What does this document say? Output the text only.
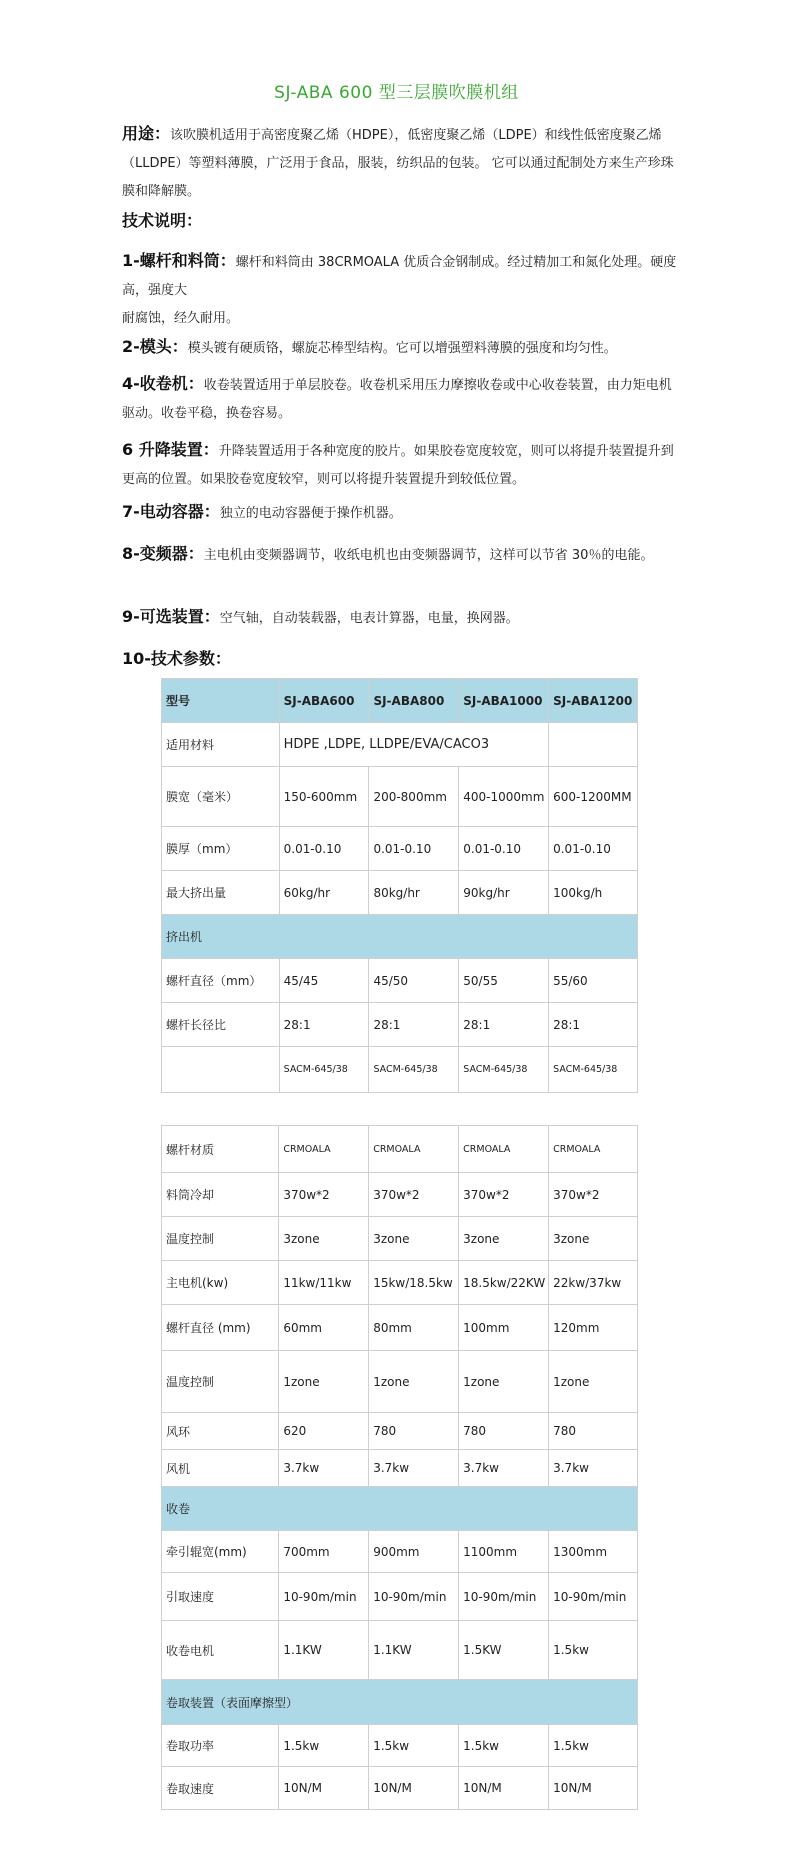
SJ-ABA 600 型三层膜吹膜机组
用途：该吹膜机适用于高密度聚乙烯（HDPE），低密度聚乙烯（LDPE）和线性低密度聚乙烯（LLDPE）等塑料薄膜，广泛用于食品，服装，纺织品的包装。 它可以通过配制处方来生产珍珠膜和降解膜。
技术说明：
1-螺杆和料筒：螺杆和料筒由 38CRMOALA 优质合金钢制成。经过精加工和氮化处理。硬度高，强度大
耐腐蚀，经久耐用。
2-模头：模头镀有硬质铬，螺旋芯棒型结构。它可以增强塑料薄膜的强度和均匀性。
4-收卷机：收卷装置适用于单层胶卷。收卷机采用压力摩擦收卷或中心收卷装置，由力矩电机驱动。收卷平稳，换卷容易。
6 升降装置：升降装置适用于各种宽度的胶片。如果胶卷宽度较宽，则可以将提升装置提升到更高的位置。如果胶卷宽度较窄，则可以将提升装置提升到较低位置。
7-电动容器：独立的电动容器便于操作机器。
8-变频器：主电机由变频器调节，收纸电机也由变频器调节，这样可以节省 30％的电能。
9-可选装置：空气轴，自动装载器，电表计算器，电量，换网器。
10-技术参数：
型号	SJ-ABA600	SJ-ABA800	SJ-ABA1000	SJ-ABA1200
适用材料	HDPE ,LDPE, LLDPE/EVA/CACO3			
膜宽（毫米）	150-600mm	200-800mm	400-1000mm	600-1200MM
膜厚（mm）	0.01-0.10	0.01-0.10	0.01-0.10	0.01-0.10
最大挤出量	60kg/hr	80kg/hr	90kg/hr	100kg/h
挤出机				
螺杆直径（mm）	45/45	45/50	50/55	55/60
螺杆长径比	28:1	28:1	28:1	28:1
	SACM-645/38	SACM-645/38	SACM-645/38	SACM-645/38
螺杆材质	CRMOALA	CRMOALA	CRMOALA	CRMOALA
料筒冷却	370w*2	370w*2	370w*2	370w*2
温度控制	3zone	3zone	3zone	3zone
主电机(kw)	11kw/11kw	15kw/18.5kw	18.5kw/22KW	22kw/37kw
螺杆直径 (mm)	60mm	80mm	100mm	120mm
温度控制	1zone	1zone	1zone	1zone
风环	620	780	780	780
风机	3.7kw	3.7kw	3.7kw	3.7kw
收卷				
牵引辊宽(mm)	700mm	900mm	1100mm	1300mm
引取速度	10-90m/min	10-90m/min	10-90m/min	10-90m/min
收卷电机	1.1KW	1.1KW	1.5KW	1.5kw
卷取装置（表面摩擦型）				
卷取功率	1.5kw	1.5kw	1.5kw	1.5kw
卷取速度	10N/M	10N/M	10N/M	10N/M
